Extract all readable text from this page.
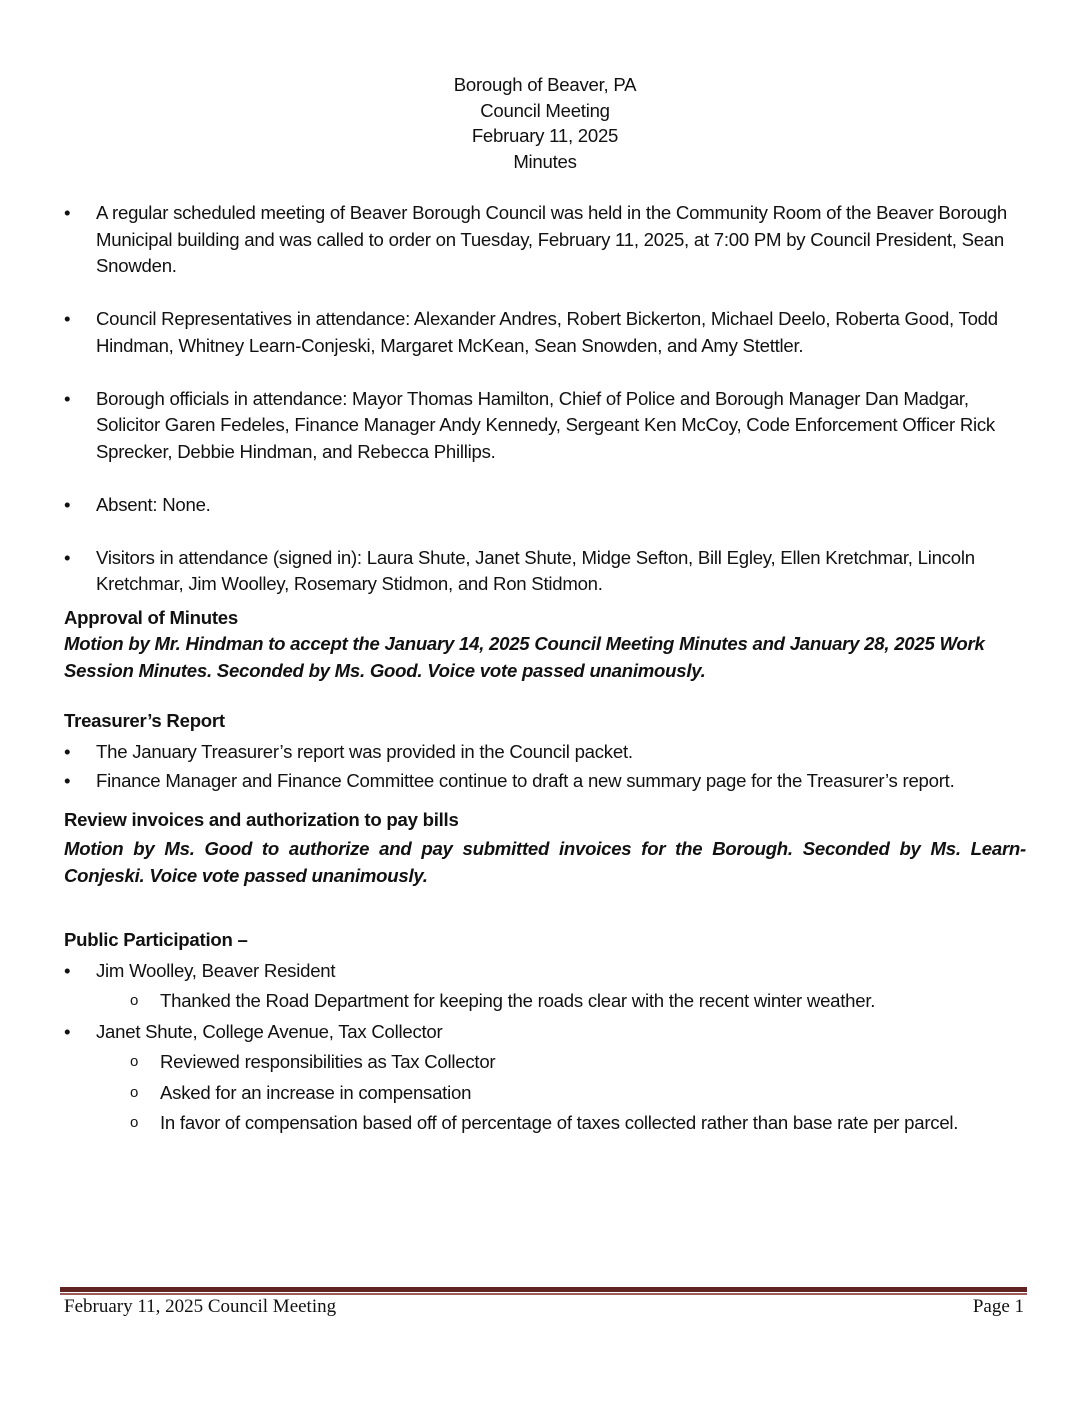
Borough of Beaver, PA
Council Meeting
February 11, 2025
Minutes
• A regular scheduled meeting of Beaver Borough Council was held in the Community Room of the Beaver Borough Municipal building and was called to order on Tuesday, February 11, 2025, at 7:00 PM by Council President, Sean Snowden.
• Council Representatives in attendance: Alexander Andres, Robert Bickerton, Michael Deelo, Roberta Good, Todd Hindman, Whitney Learn-Conjeski, Margaret McKean, Sean Snowden, and Amy Stettler.
• Borough officials in attendance: Mayor Thomas Hamilton, Chief of Police and Borough Manager Dan Madgar, Solicitor Garen Fedeles, Finance Manager Andy Kennedy, Sergeant Ken McCoy, Code Enforcement Officer Rick Sprecker, Debbie Hindman, and Rebecca Phillips.
• Absent: None.
• Visitors in attendance (signed in): Laura Shute, Janet Shute, Midge Sefton, Bill Egley, Ellen Kretchmar, Lincoln Kretchmar, Jim Woolley, Rosemary Stidmon, and Ron Stidmon.

Approval of Minutes

Motion by Mr. Hindman to accept the January 14, 2025 Council Meeting Minutes and January 28, 2025 Work Session Minutes. Seconded by Ms. Good. Voice vote passed unanimously.

Treasurer’s Report

• The January Treasurer’s report was provided in the Council packet.
• Finance Manager and Finance Committee continue to draft a new summary page for the Treasurer’s report.

Review invoices and authorization to pay bills

Motion by Ms. Good to authorize and pay submitted invoices for the Borough. Seconded by Ms. Learn-Conjeski. Voice vote passed unanimously.

Public Participation –

• Jim Woolley, Beaver Resident
o Thanked the Road Department for keeping the roads clear with the recent winter weather.
• Janet Shute, College Avenue, Tax Collector
o Reviewed responsibilities as Tax Collector
o Asked for an increase in compensation
o In favor of compensation based off of percentage of taxes collected rather than base rate per parcel.
February 11, 2025 Council Meeting	Page 1
